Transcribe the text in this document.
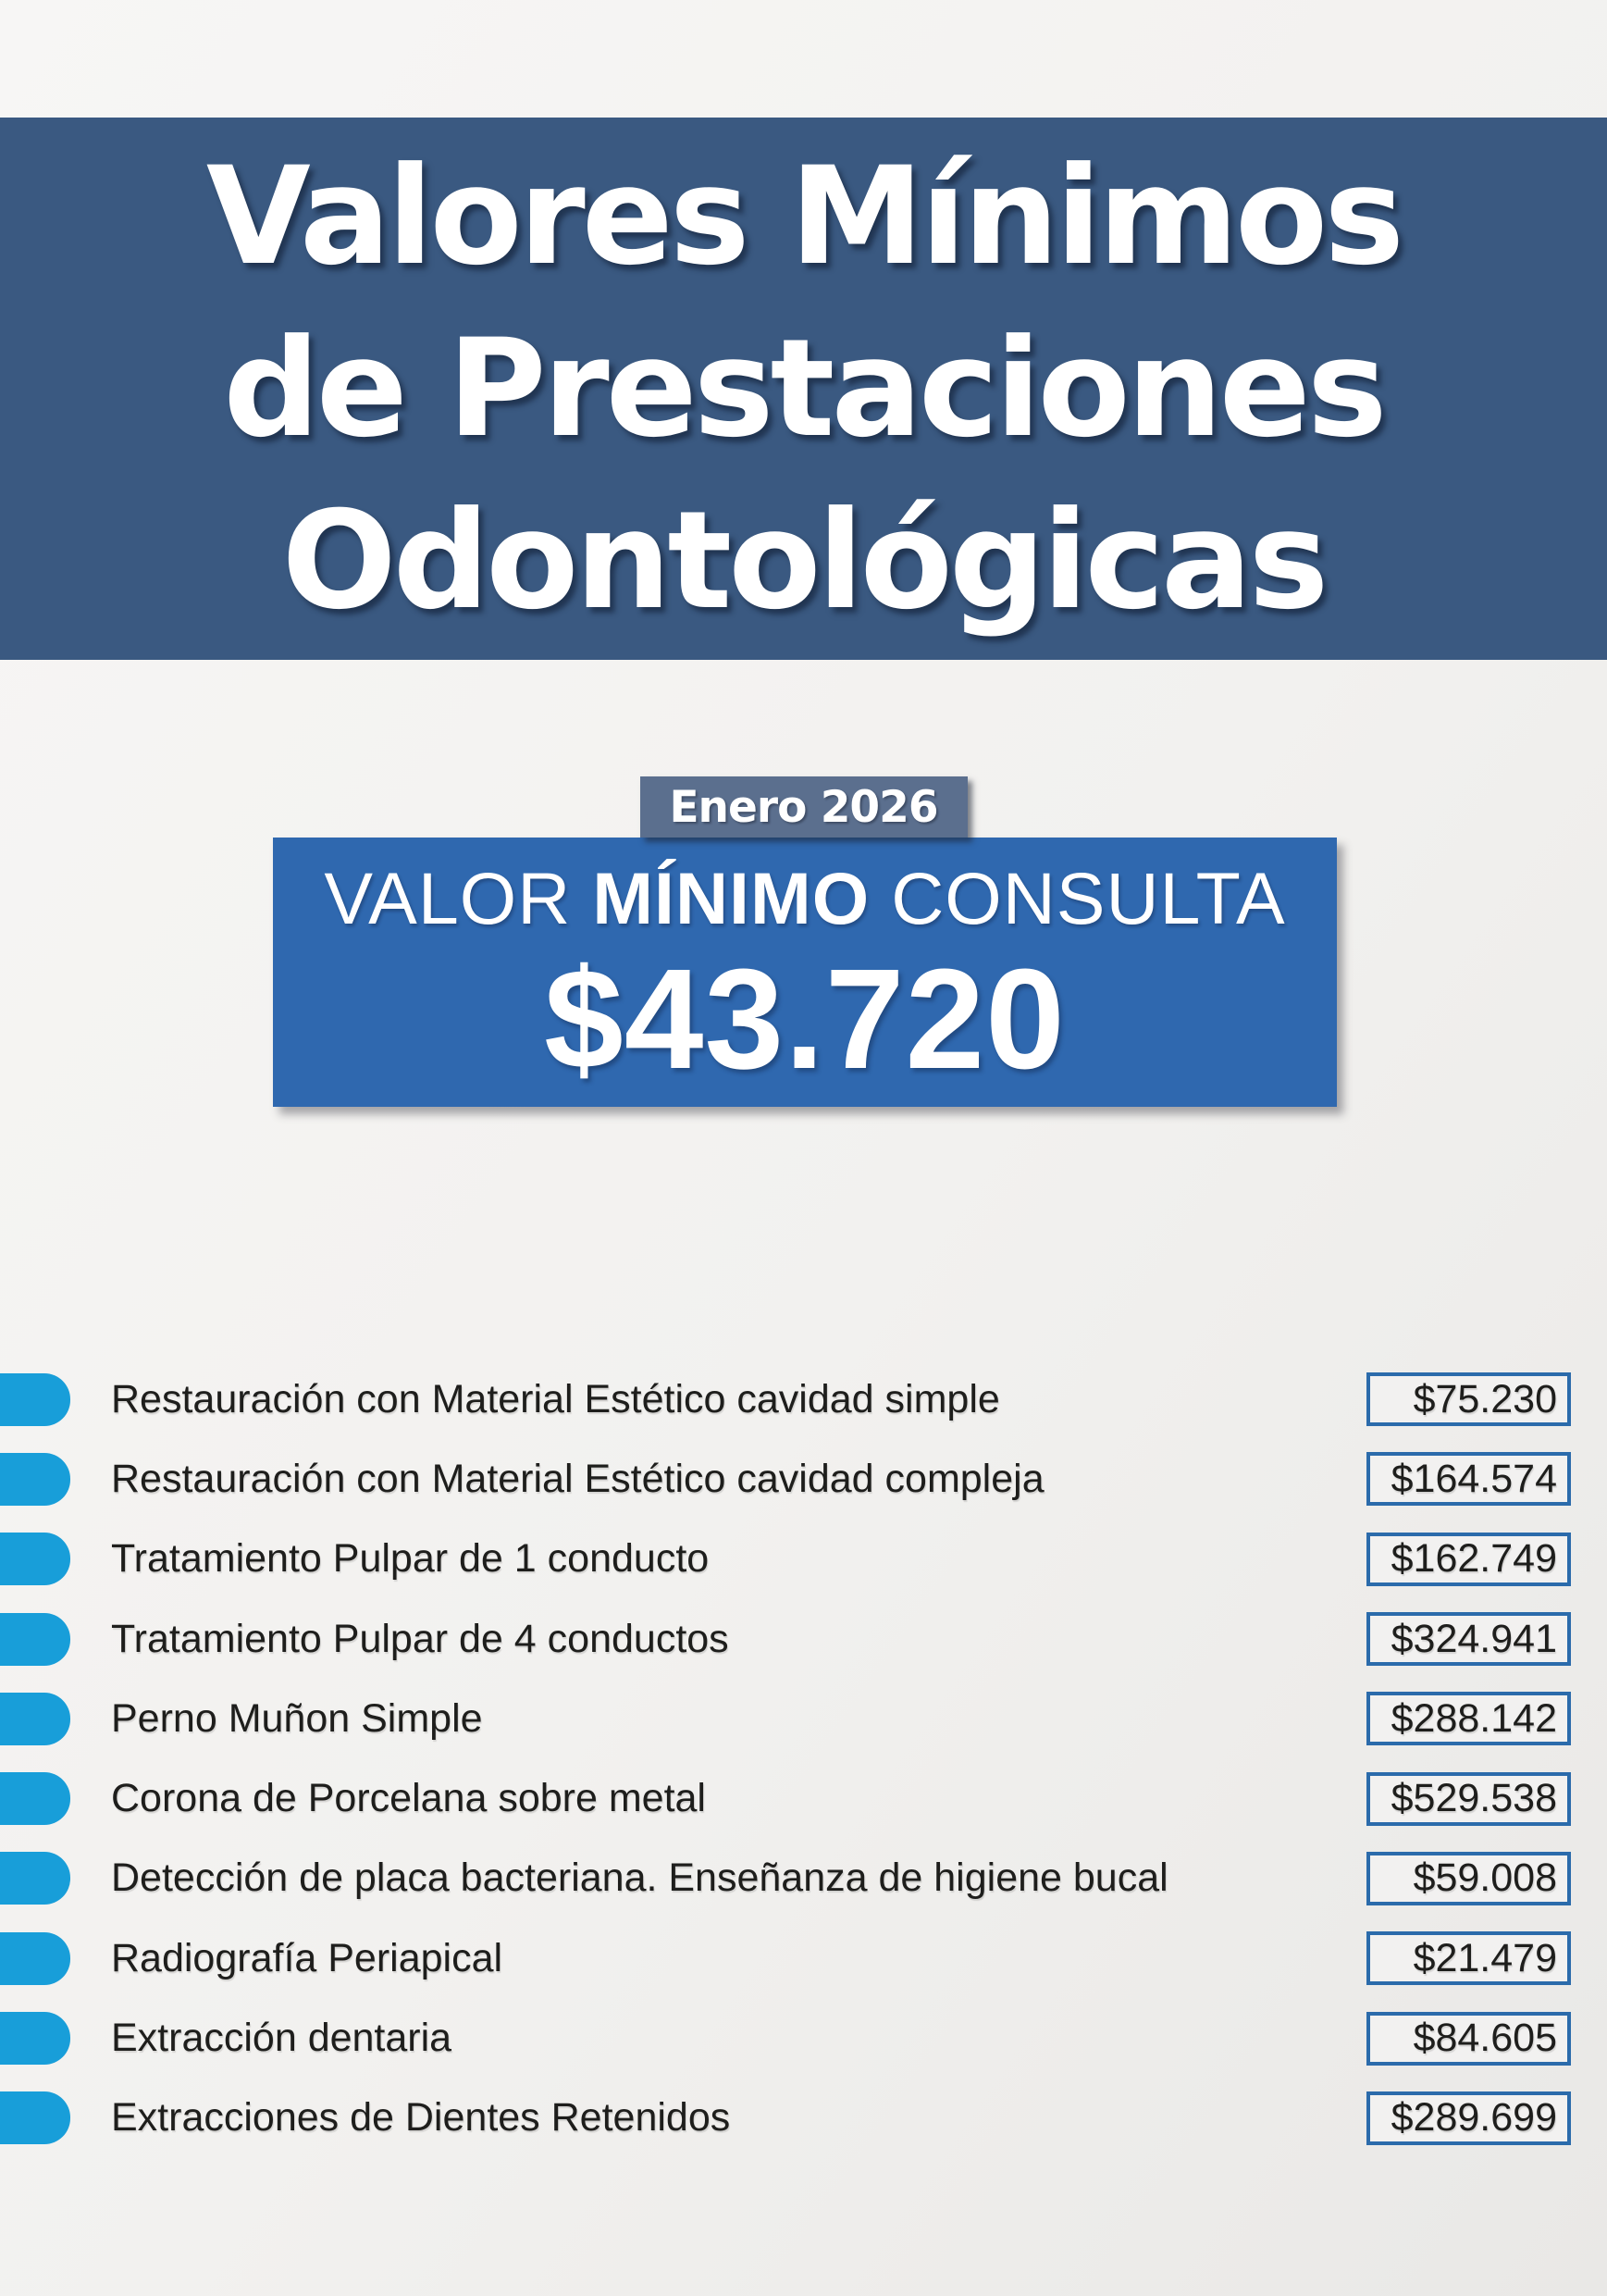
Valores Mínimos
de Prestaciones
Odontológicas
Enero 2026
VALOR MÍNIMO CONSULTA
$43.720
Restauración con Material Estético cavidad simple	$75.230
Restauración con Material Estético cavidad compleja	$164.574
Tratamiento Pulpar de 1 conducto	$162.749
Tratamiento Pulpar de 4 conductos	$324.941
Perno Muñon Simple	$288.142
Corona de Porcelana sobre metal	$529.538
Detección de placa bacteriana. Enseñanza de higiene bucal	$59.008
Radiografía Periapical	$21.479
Extracción dentaria	$84.605
Extracciones de Dientes Retenidos	$289.699
